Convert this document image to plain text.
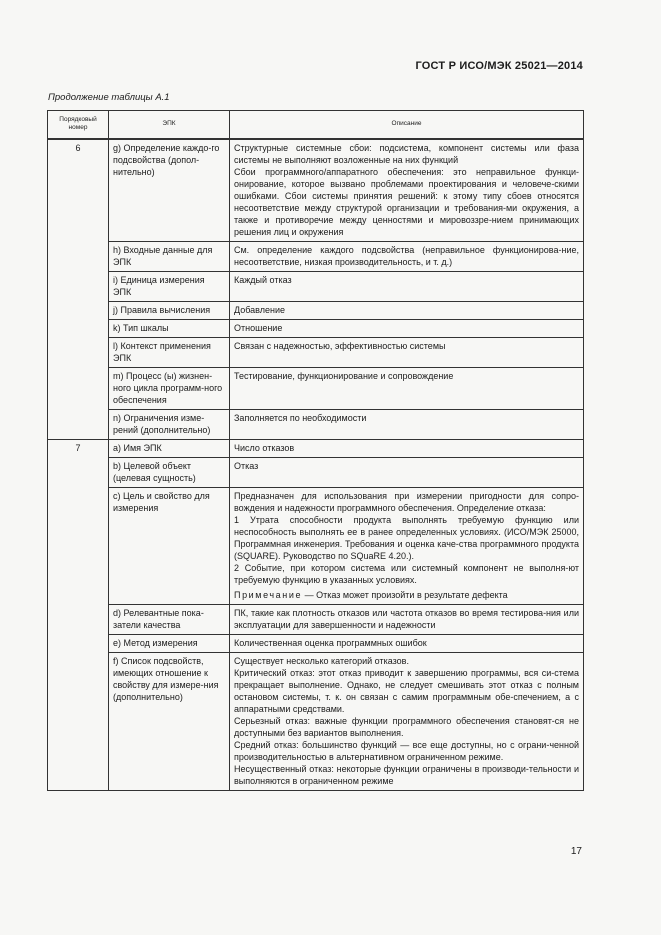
ГОСТ Р ИСО/МЭК 25021—2014
Продолжение таблицы А.1
Порядковый номер	ЭПК	Описание
6	g) Определение каждо-го подсвойства (допол-нительно)	Структурные системные сбои: подсистема, компонент системы или фаза системы не выполняют возложенные на них функций
Сбои программного/аппаратного обеспечения: это неправильное функци-онирование, которое вызвано проблемами проектирования и человече-скими ошибками. Сбои системы принятия решений: к этому типу сбоев относятся несоответствие между структурой организации и требования-ми окружения, а также и противоречие между ценностями и мировоззре-нием принимающих решения лиц и окружения

	h) Входные данные для ЭПК	См. определение каждого подсвойства (неправильное функционирова-ние, несоответствие, низкая производительность, и т. д.)

	i) Единица измерения ЭПК	Каждый отказ

	j) Правила вычисления	Добавление

	k) Тип шкалы	Отношение

	l) Контекст применения ЭПК	Связан с надежностью, эффективностью системы

	m) Процесс (ы) жизнен-ного цикла программ-ного обеспечения	Тестирование, функционирование и сопровождение

	n) Ограничения изме-рений (дополнительно)	Заполняется по необходимости

7	a) Имя ЭПК	Число отказов

	b) Целевой объект (целевая сущность)	Отказ

	c) Цель и свойство для измерения	Предназначен для использования при измерении пригодности для сопро-вождения и надежности программного обеспечения. Определение отказа:
1 Утрата способности продукта выполнять требуемую функцию или неспособность выполнять ее в ранее определенных условиях. (ИСО/МЭК 25000, Программная инженерия. Требования и оценка каче-ства программного продукта (SQUARE). Руководство по SQuaRE 4.20.).
2 Событие, при котором система или системный компонент не выполня-ют требуемую функцию в указанных условиях.
Примечание — Отказ может произойти в результате дефекта

	d) Релевантные пока-затели качества	ПК, такие как плотность отказов или частота отказов во время тестирова-ния или эксплуатации для завершенности и надежности

	e) Метод измерения	Количественная оценка программных ошибок

	f) Список подсвойств, имеющих отношение к свойству для измере-ния (дополнительно)	Существует несколько категорий отказов.
Критический отказ: этот отказ приводит к завершению программы, вся си-стема прекращает выполнение. Однако, не следует смешивать этот отказ с полным остановом системы, т. к. он связан с самим программным обе-спечением, а с аппаратными средствами.
Серьезный отказ: важные функции программного обеспечения становят-ся не доступными без вариантов выполнения.
Средний отказ: большинство функций — все еще доступны, но с ограни-ченной производительностью в альтернативном ограниченном режиме.
Несущественный отказ: некоторые функции ограничены в производи-тельности и выполняются в ограниченном режиме
17
